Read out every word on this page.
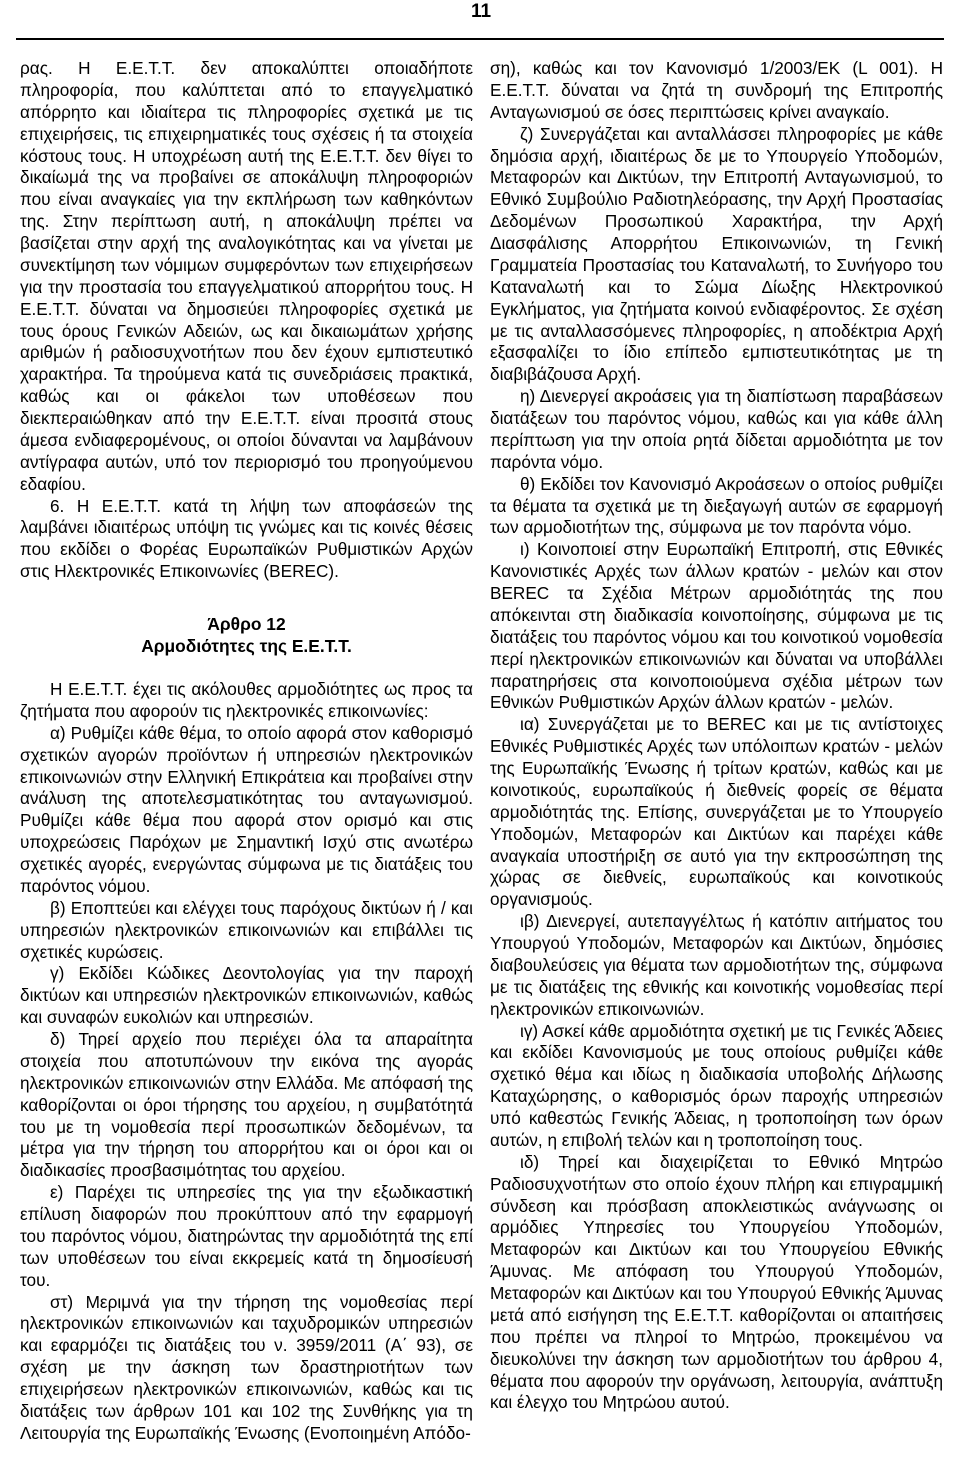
11

ρας. Η Ε.Ε.Τ.Τ. δεν αποκαλύπτει οποιαδήποτε πληροφορία, που καλύπτεται από το επαγγελματικό απόρρητο και ιδιαίτερα τις πληροφορίες σχετικά με τις επιχειρήσεις, τις επιχειρηματικές τους σχέσεις ή τα στοιχεία κόστους τους. Η υποχρέωση αυτή της Ε.Ε.Τ.Τ. δεν θίγει το δικαίωμά της να προβαίνει σε αποκάλυψη πληροφοριών που είναι αναγκαίες για την εκπλήρωση των καθηκόντων της. Στην περίπτωση αυτή, η αποκάλυψη πρέπει να βασίζεται στην αρχή της αναλογικότητας και να γίνεται με συνεκτίμηση των νόμιμων συμφερόντων των επιχειρήσεων για την προστασία του επαγγελματικού απορρήτου τους. Η Ε.Ε.Τ.Τ. δύναται να δημοσιεύει πληροφορίες σχετικά με τους όρους Γενικών Αδειών, ως και δικαιωμάτων χρήσης αριθμών ή ραδιοσυχνοτήτων που δεν έχουν εμπιστευτικό χαρακτήρα. Τα τηρούμενα κατά τις συνεδριάσεις πρακτικά, καθώς και οι φάκελοι των υποθέσεων που διεκπεραιώθηκαν από την Ε.Ε.Τ.Τ. είναι προσιτά στους άμεσα ενδιαφερομένους, οι οποίοι δύνανται να λαμβάνουν αντίγραφα αυτών, υπό τον περιορισμό του προηγούμενου εδαφίου.

6. Η Ε.Ε.Τ.Τ. κατά τη λήψη των αποφάσεών της λαμβάνει ιδιαιτέρως υπόψη τις γνώμες και τις κοινές θέσεις που εκδίδει ο Φορέας Ευρωπαϊκών Ρυθμιστικών Αρχών στις Ηλεκτρονικές Επικοινωνίες (BEREC).

Άρθρο 12

Αρμοδιότητες της Ε.Ε.Τ.Τ.

Η Ε.Ε.Τ.Τ. έχει τις ακόλουθες αρμοδιότητες ως προς τα ζητήματα που αφορούν τις ηλεκτρονικές επικοινωνίες:

α) Ρυθμίζει κάθε θέμα, το οποίο αφορά στον καθορισμό σχετικών αγορών προϊόντων ή υπηρεσιών ηλεκτρονικών επικοινωνιών στην Ελληνική Επικράτεια και προβαίνει στην ανάλυση της αποτελεσματικότητας του ανταγωνισμού. Ρυθμίζει κάθε θέμα που αφορά στον ορισμό και στις υποχρεώσεις Παρόχων με Σημαντική Ισχύ στις ανωτέρω σχετικές αγορές, ενεργώντας σύμφωνα με τις διατάξεις του παρόντος νόμου.

β) Εποπτεύει και ελέγχει τους παρόχους δικτύων ή / και υπηρεσιών ηλεκτρονικών επικοινωνιών και επιβάλλει τις σχετικές κυρώσεις.

γ) Εκδίδει Κώδικες Δεοντολογίας για την παροχή δικτύων και υπηρεσιών ηλεκτρονικών επικοινωνιών, καθώς και συναφών ευκολιών και υπηρεσιών.

δ) Τηρεί αρχείο που περιέχει όλα τα απαραίτητα στοιχεία που αποτυπώνουν την εικόνα της αγοράς ηλεκτρονικών επικοινωνιών στην Ελλάδα. Με απόφασή της καθορίζονται οι όροι τήρησης του αρχείου, η συμβατότητά του με τη νομοθεσία περί προσωπικών δεδομένων, τα μέτρα για την τήρηση του απορρήτου και οι όροι και οι διαδικασίες προσβασιμότητας του αρχείου.

ε) Παρέχει τις υπηρεσίες της για την εξωδικαστική επίλυση διαφορών που προκύπτουν από την εφαρμογή του παρόντος νόμου, διατηρώντας την αρμοδιότητά της επί των υποθέσεων του είναι εκκρεμείς κατά τη δημοσίευσή του.

στ) Μεριμνά για την τήρηση της νομοθεσίας περί ηλεκτρονικών επικοινωνιών και ταχυδρομικών υπηρεσιών και εφαρμόζει τις διατάξεις του ν. 3959/2011 (Α΄ 93), σε σχέση με την άσκηση των δραστηριοτήτων των επιχειρήσεων ηλεκτρονικών επικοινωνιών, καθώς και τις διατάξεις των άρθρων 101 και 102 της Συνθήκης για τη Λειτουργία της Ευρωπαϊκής Ένωσης (Ενοποιημένη Απόδο-

ση), καθώς και τον Κανονισμό 1/2003/ΕΚ (L 001). Η Ε.Ε.Τ.Τ. δύναται να ζητά τη συνδρομή της Επιτροπής Ανταγωνισμού σε όσες περιπτώσεις κρίνει αναγκαίο.

ζ) Συνεργάζεται και ανταλλάσσει πληροφορίες με κάθε δημόσια αρχή, ιδιαιτέρως δε με το Υπουργείο Υποδομών, Μεταφορών και Δικτύων, την Επιτροπή Ανταγωνισμού, το Εθνικό Συμβούλιο Ραδιοτηλεόρασης, την Αρχή Προστασίας Δεδομένων Προσωπικού Χαρακτήρα, την Αρχή Διασφάλισης Απορρήτου Επικοινωνιών, τη Γενική Γραμματεία Προστασίας του Καταναλωτή, το Συνήγορο του Καταναλωτή και το Σώμα Δίωξης Ηλεκτρονικού Εγκλήματος, για ζητήματα κοινού ενδιαφέροντος. Σε σχέση με τις ανταλλασσόμενες πληροφορίες, η αποδέκτρια Αρχή εξασφαλίζει το ίδιο επίπεδο εμπιστευτικότητας με τη διαβιβάζουσα Αρχή.

η) Διενεργεί ακροάσεις για τη διαπίστωση παραβάσεων διατάξεων του παρόντος νόμου, καθώς και για κάθε άλλη περίπτωση για την οποία ρητά δίδεται αρμοδιότητα με τον παρόντα νόμο.

θ) Εκδίδει τον Κανονισμό Ακροάσεων ο οποίος ρυθμίζει τα θέματα τα σχετικά με τη διεξαγωγή αυτών σε εφαρμογή των αρμοδιοτήτων της, σύμφωνα με τον παρόντα νόμο.

ι) Κοινοποιεί στην Ευρωπαϊκή Επιτροπή, στις Εθνικές Κανονιστικές Αρχές των άλλων κρατών - μελών και στον BEREC τα Σχέδια Μέτρων αρμοδιότητάς της που απόκεινται στη διαδικασία κοινοποίησης, σύμφωνα με τις διατάξεις του παρόντος νόμου και του κοινοτικού νομοθεσία περί ηλεκτρονικών επικοινωνιών και δύναται να υποβάλλει παρατηρήσεις στα κοινοποιούμενα σχέδια μέτρων των Εθνικών Ρυθμιστικών Αρχών άλλων κρατών - μελών.

ια) Συνεργάζεται με το BEREC και με τις αντίστοιχες Εθνικές Ρυθμιστικές Αρχές των υπόλοιπων κρατών - μελών της Ευρωπαϊκής Ένωσης ή τρίτων κρατών, καθώς και με κοινοτικούς, ευρωπαϊκούς ή διεθνείς φορείς σε θέματα αρμοδιότητάς της. Επίσης, συνεργάζεται με το Υπουργείο Υποδομών, Μεταφορών και Δικτύων και παρέχει κάθε αναγκαία υποστήριξη σε αυτό για την εκπροσώπηση της χώρας σε διεθνείς, ευρωπαϊκούς και κοινοτικούς οργανισμούς.

ιβ) Διενεργεί, αυτεπαγγέλτως ή κατόπιν αιτήματος του Υπουργού Υποδομών, Μεταφορών και Δικτύων, δημόσιες διαβουλεύσεις για θέματα των αρμοδιοτήτων της, σύμφωνα με τις διατάξεις της εθνικής και κοινοτικής νομοθεσίας περί ηλεκτρονικών επικοινωνιών.

ιγ) Ασκεί κάθε αρμοδιότητα σχετική με τις Γενικές Άδειες και εκδίδει Κανονισμούς με τους οποίους ρυθμίζει κάθε σχετικό θέμα και ιδίως η διαδικασία υποβολής Δήλωσης Καταχώρησης, ο καθορισμός όρων παροχής υπηρεσιών υπό καθεστώς Γενικής Άδειας, η τροποποίηση των όρων αυτών, η επιβολή τελών και η τροποποίηση τους.

ιδ) Τηρεί και διαχειρίζεται το Εθνικό Μητρώο Ραδιοσυχνοτήτων στο οποίο έχουν πλήρη και επιγραμμική σύνδεση και πρόσβαση αποκλειστικώς ανάγνωσης οι αρμόδιες Υπηρεσίες του Υπουργείου Υποδομών, Μεταφορών και Δικτύων και του Υπουργείου Εθνικής Άμυνας. Με απόφαση του Υπουργού Υποδομών, Μεταφορών και Δικτύων και του Υπουργού Εθνικής Άμυνας μετά από εισήγηση της Ε.Ε.Τ.Τ. καθορίζονται οι απαιτήσεις που πρέπει να πληροί το Μητρώο, προκειμένου να διευκολύνει την άσκηση των αρμοδιοτήτων του άρθρου 4, θέματα που αφορούν την οργάνωση, λειτουργία, ανάπτυξη και έλεγχο του Μητρώου αυτού.
